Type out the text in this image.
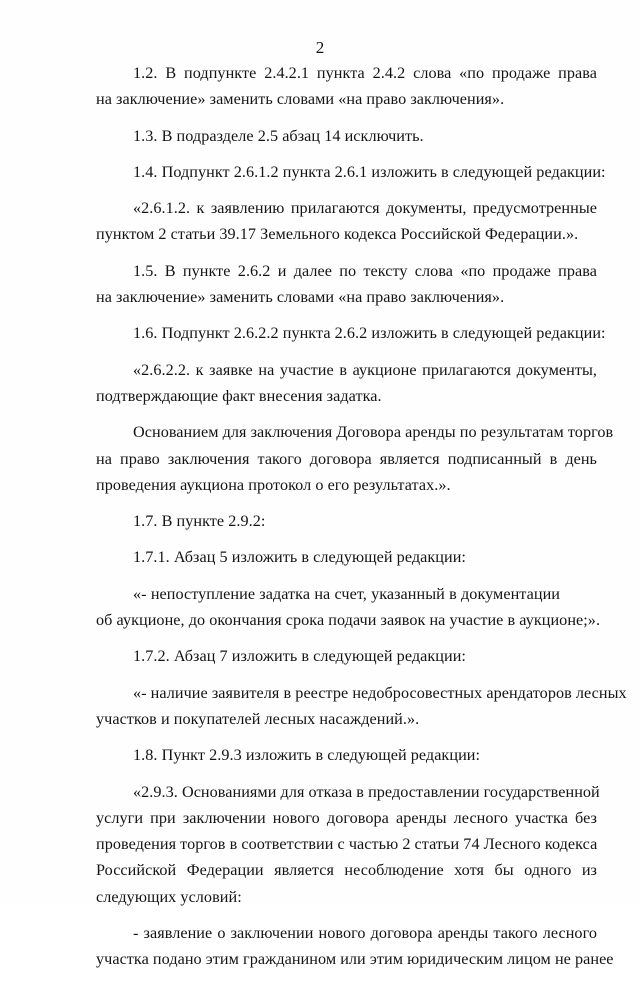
2

1.2. В подпункте 2.4.2.1 пункта 2.4.2 слова «по продаже права
на заключение» заменить словами «на право заключения».

1.3. В подразделе 2.5 абзац 14 исключить.

1.4. Подпункт 2.6.1.2 пункта 2.6.1 изложить в следующей редакции:

«2.6.1.2. к заявлению прилагаются документы, предусмотренные
пунктом 2 статьи 39.17 Земельного кодекса Российской Федерации.».

1.5. В пункте 2.6.2 и далее по тексту слова «по продаже права
на заключение» заменить словами «на право заключения».

1.6. Подпункт 2.6.2.2 пункта 2.6.2 изложить в следующей редакции:

«2.6.2.2. к заявке на участие в аукционе прилагаются документы,
подтверждающие факт внесения задатка.

Основанием для заключения Договора аренды по результатам торгов
на право заключения такого договора является подписанный в день
проведения аукциона протокол о его результатах.».

1.7. В пункте 2.9.2:

1.7.1. Абзац 5 изложить в следующей редакции:

«- непоступление задатка на счет, указанный в документации
об аукционе, до окончания срока подачи заявок на участие в аукционе;».

1.7.2. Абзац 7 изложить в следующей редакции:

«- наличие заявителя в реестре недобросовестных арендаторов лесных
участков и покупателей лесных насаждений.».

1.8. Пункт 2.9.3 изложить в следующей редакции:

«2.9.3. Основаниями для отказа в предоставлении государственной
услуги при заключении нового договора аренды лесного участка без
проведения торгов в соответствии с частью 2 статьи 74 Лесного кодекса
Российской Федерации является несоблюдение хотя бы одного из
следующих условий:

- заявление о заключении нового договора аренды такого лесного
участка подано этим гражданином или этим юридическим лицом не ранее
